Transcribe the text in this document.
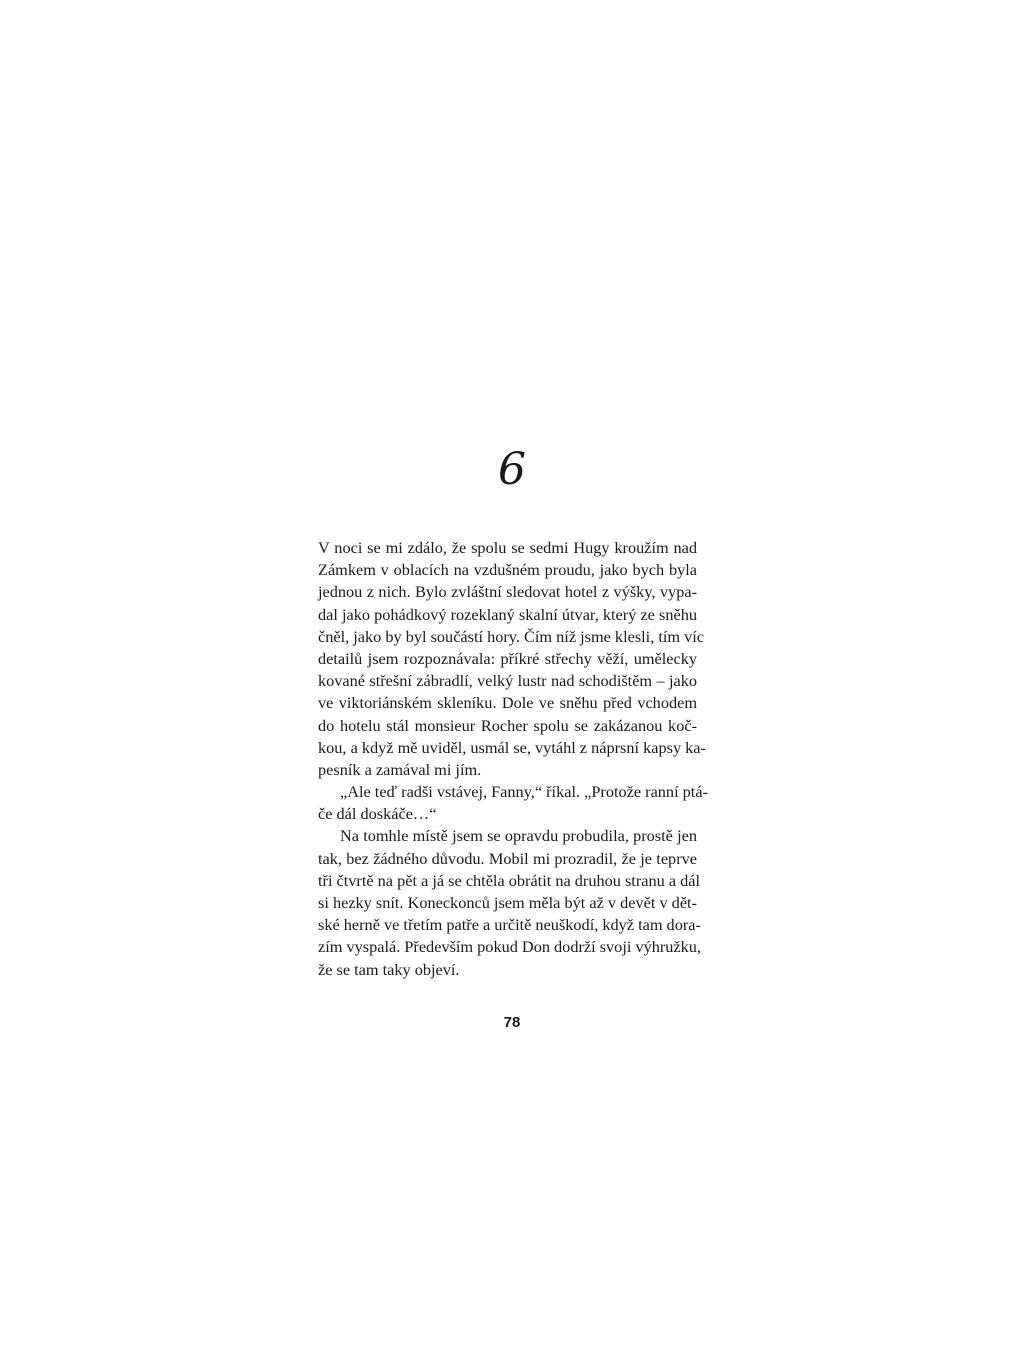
6
V noci se mi zdálo, že spolu se sedmi Hugy kroužím nad
Zámkem v oblacích na vzdušném proudu, jako bych byla
jednou z nich. Bylo zvláštní sledovat hotel z výšky, vypa-
dal jako pohádkový rozeklaný skalní útvar, který ze sněhu
čněl, jako by byl součástí hory. Čím níž jsme klesli, tím víc
detailů jsem rozpoznávala: příkré střechy věží, umělecky
kované střešní zábradlí, velký lustr nad schodištěm – jako
ve viktoriánském skleníku. Dole ve sněhu před vchodem
do hotelu stál monsieur Rocher spolu se zakázanou koč-
kou, a když mě uviděl, usmál se, vytáhl z náprsní kapsy ka-
pesník a zamával mi jím.
„Ale teď radši vstávej, Fanny,“ říkal. „Protože ranní ptá-
če dál doskáče…“
Na tomhle místě jsem se opravdu probudila, prostě jen
tak, bez žádného důvodu. Mobil mi prozradil, že je teprve
tři čtvrtě na pět a já se chtěla obrátit na druhou stranu a dál
si hezky snít. Koneckonců jsem měla být až v devět v dět-
ské herně ve třetím patře a určitě neuškodí, když tam dora-
zím vyspalá. Především pokud Don dodrží svoji výhružku,
že se tam taky objeví.
78
